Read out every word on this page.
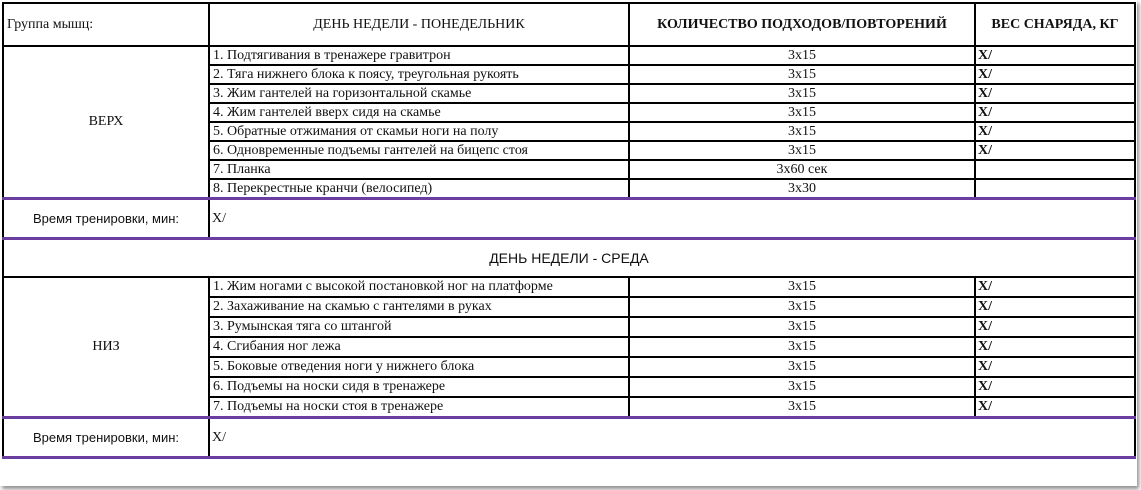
Группа мышц:	ДЕНЬ НЕДЕЛИ - ПОНЕДЕЛЬНИК	КОЛИЧЕСТВО ПОДХОДОВ/ПОВТОРЕНИЙ	ВЕС СНАРЯДА, КГ
ВЕРХ	1. Подтягивания в тренажере гравитрон	3х15	Х/
	2. Тяга нижнего блока к поясу, треугольная рукоять	3х15	Х/
	3. Жим гантелей на горизонтальной скамье	3х15	Х/
	4. Жим гантелей вверх сидя на скамье	3х15	Х/
	5. Обратные отжимания от скамьи ноги на полу	3х15	Х/
	6. Одновременные подъемы гантелей на бицепс стоя	3х15	Х/
	7. Планка	3х60 сек	
	8. Перекрестные кранчи (велосипед)	3х30	
Время тренировки, мин:	Х/		
ДЕНЬ НЕДЕЛИ - СРЕДА			
НИЗ	1. Жим ногами с высокой постановкой ног на платформе	3х15	Х/
	2. Захаживание на скамью с гантелями в руках	3х15	Х/
	3. Румынская тяга со штангой	3х15	Х/
	4. Сгибания ног лежа	3х15	Х/
	5. Боковые отведения ноги у нижнего блока	3х15	Х/
	6. Подъемы на носки сидя в тренажере	3х15	Х/
	7. Подъемы на носки стоя в тренажере	3х15	Х/
Время тренировки, мин:	Х/		
